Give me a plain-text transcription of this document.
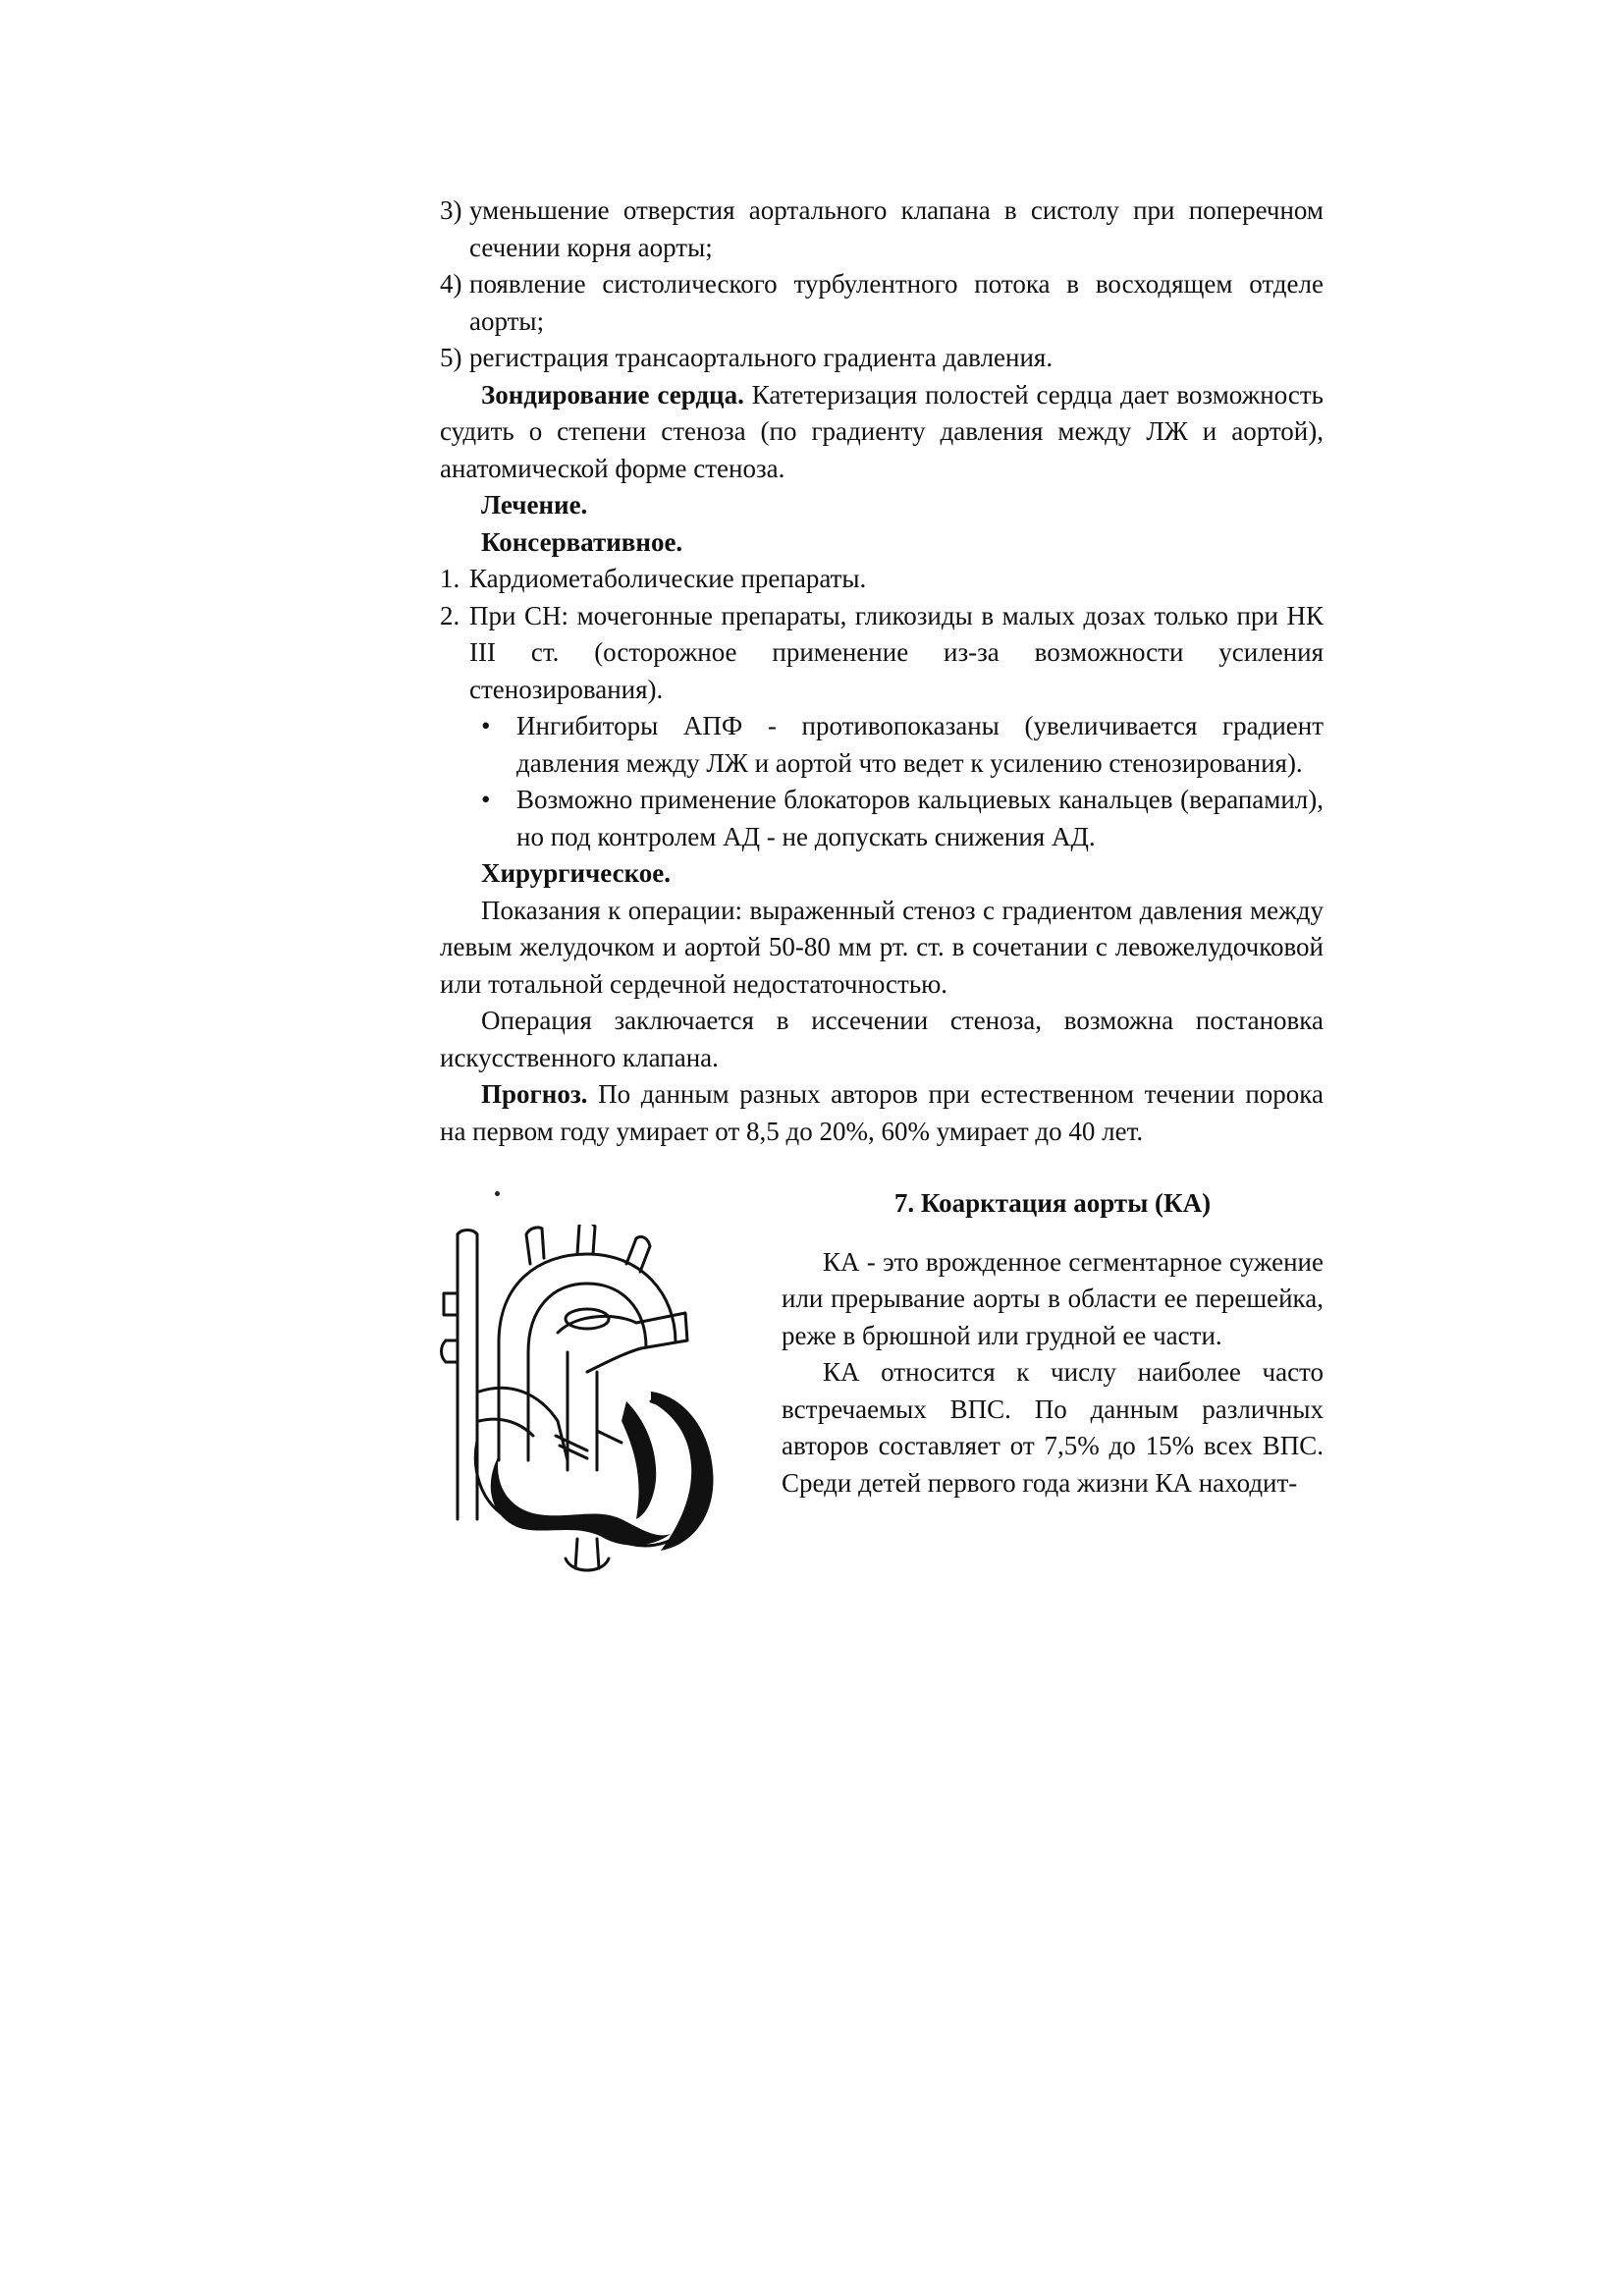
3) уменьшение отверстия аортального клапана в систолу при поперечном сечении корня аорты;
4) появление систолического турбулентного потока в восходящем отделе аорты;
5) регистрация трансаортального градиента давления.

Зондирование сердца. Катетеризация полостей сердца дает возможность судить о степени стеноза (по градиенту давления между ЛЖ и аортой), анатомической форме стеноза.

Лечение.
Консервативное.
1. Кардиометаболические препараты.
2. При СН: мочегонные препараты, гликозиды в малых дозах только при НК III ст. (осторожное применение из-за возможности усиления стенозирования).
• Ингибиторы АПФ - противопоказаны (увеличивается градиент давления между ЛЖ и аортой что ведет к усилению стенозирования).
• Возможно применение блокаторов кальциевых канальцев (верапамил), но под контролем АД - не допускать снижения АД.
Хирургическое.

Показания к операции: выраженный стеноз с градиентом давления между левым желудочком и аортой 50-80 мм рт. ст. в сочетании с левожелудочковой или тотальной сердечной недостаточностью.

Операция заключается в иссечении стеноза, возможна постановка искусственного клапана.

Прогноз. По данным разных авторов при естественном течении порока на первом году умирает от 8,5 до 20%, 60% умирает до 40 лет.

7. Коарктация аорты (КА)

КА - это врожденное сегментарное сужение или прерывание аорты в области ее перешейка, реже в брюшной или грудной ее части.

КА относится к числу наиболее часто встречаемых ВПС. По данным различных авторов составляет от 7,5% до 15% всех ВПС. Среди детей первого года жизни КА находит-
